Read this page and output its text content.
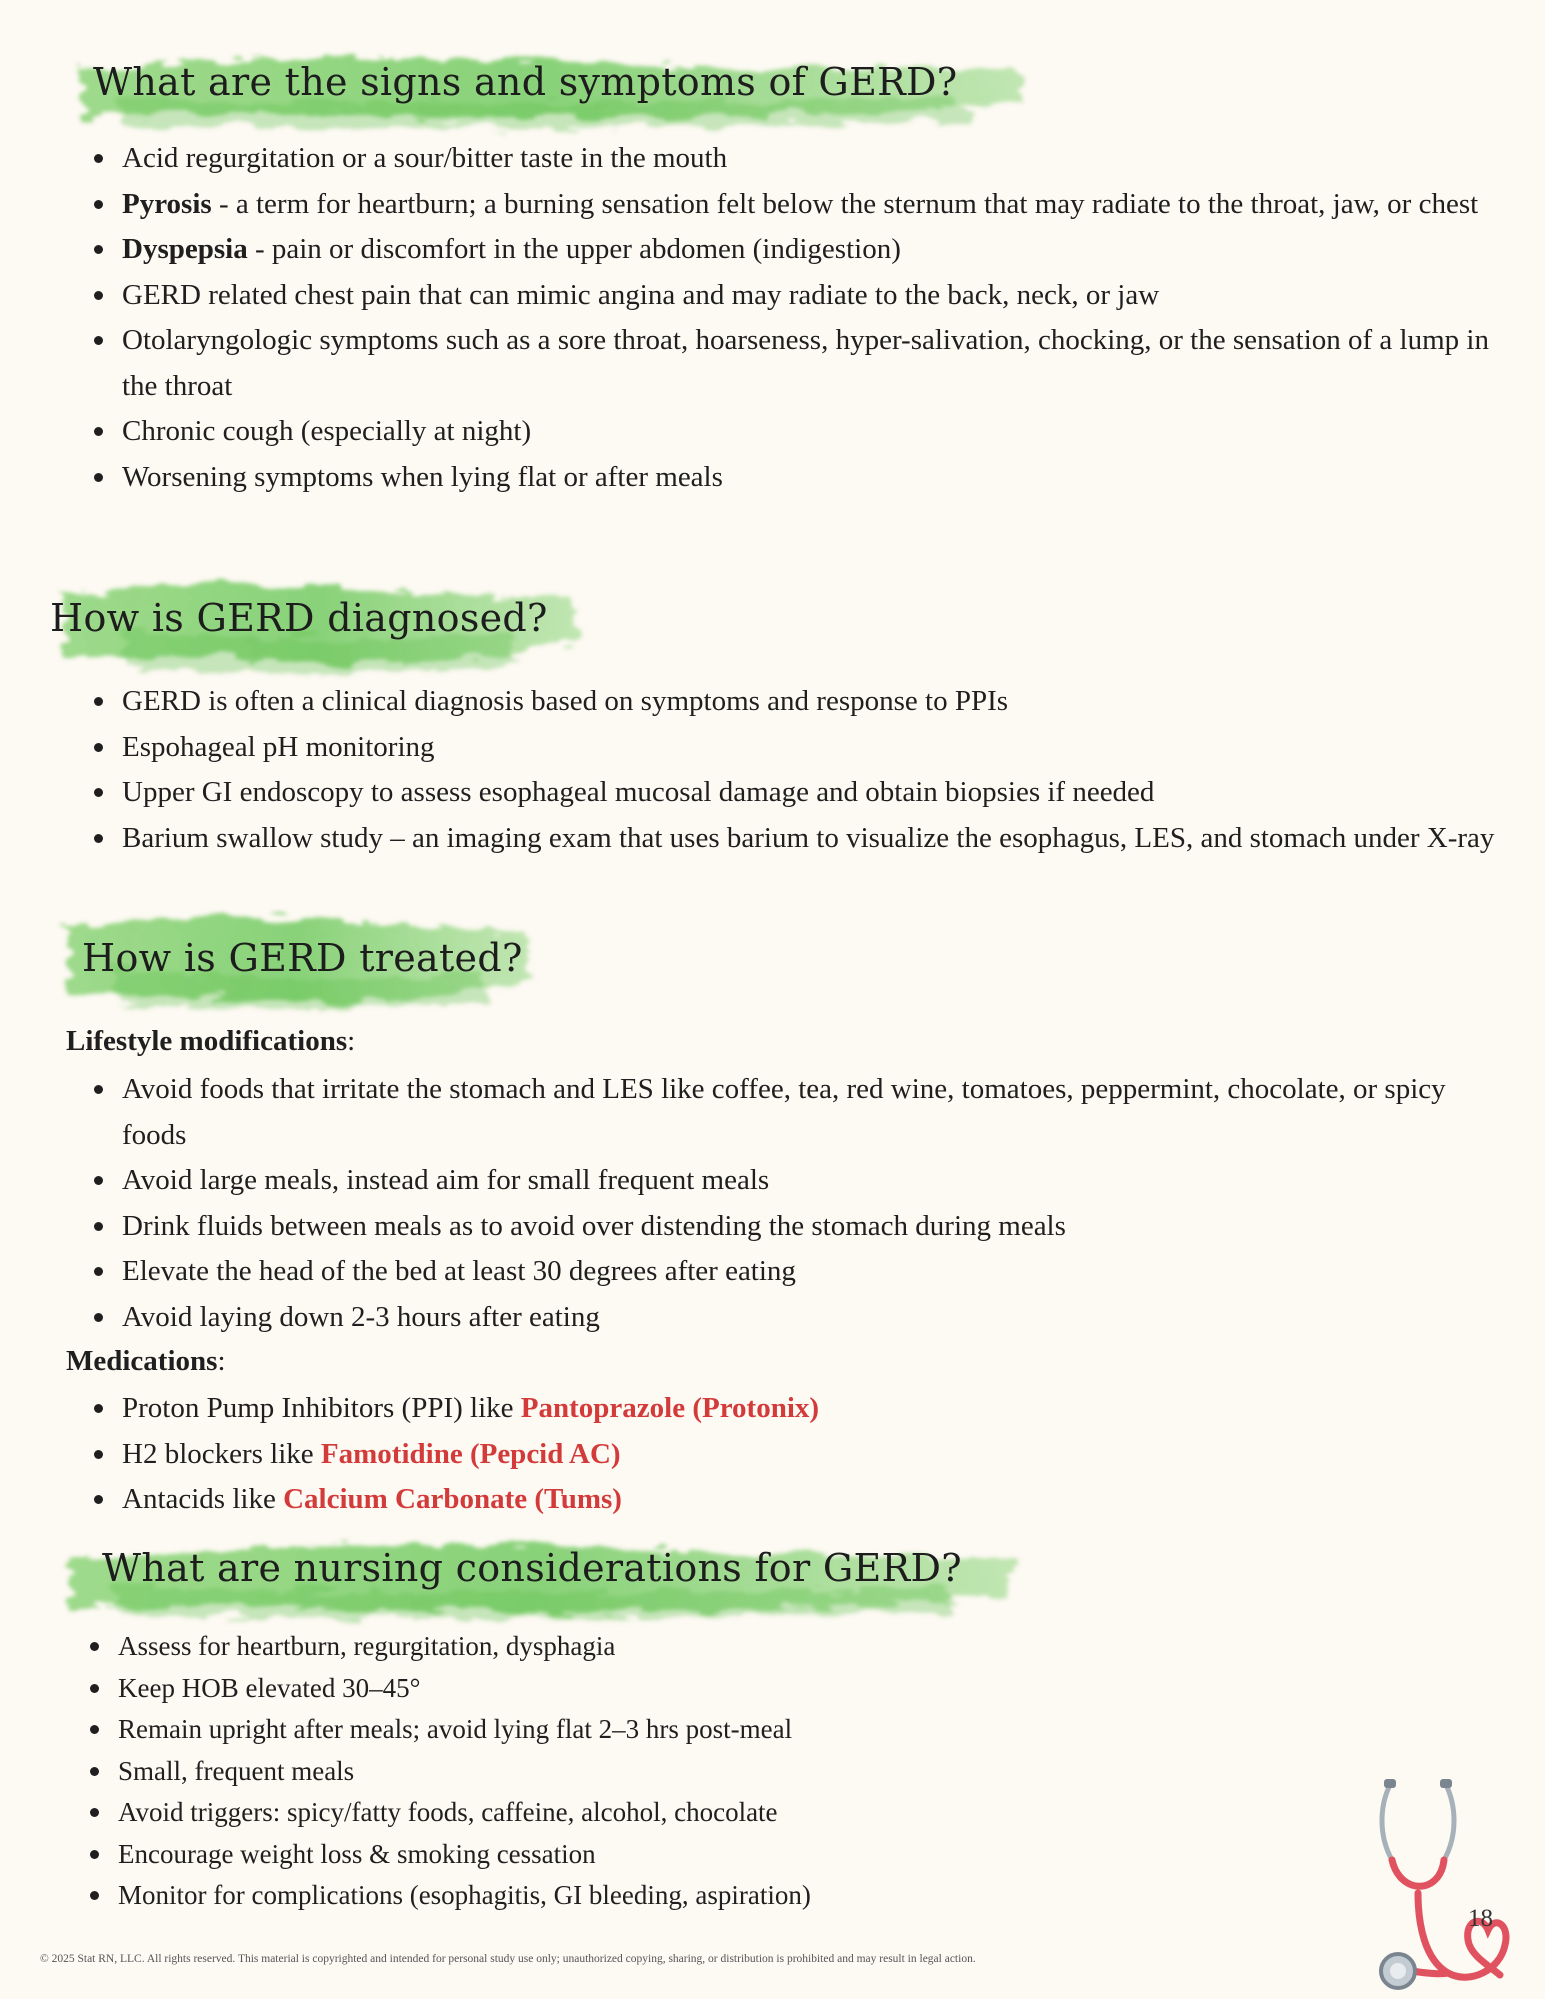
What are the signs and symptoms of GERD?
Acid regurgitation or a sour/bitter taste in the mouth
Pyrosis - a term for heartburn; a burning sensation felt below the sternum that may radiate to the throat, jaw, or chest
Dyspepsia - pain or discomfort in the upper abdomen (indigestion)
GERD related chest pain that can mimic angina and may radiate to the back, neck, or jaw
Otolaryngologic symptoms such as a sore throat, hoarseness, hyper-salivation, chocking, or the sensation of a lump in the throat
Chronic cough (especially at night)
Worsening symptoms when lying flat or after meals
How is GERD diagnosed?
GERD is often a clinical diagnosis based on symptoms and response to PPIs
Espohageal pH monitoring
Upper GI endoscopy to assess esophageal mucosal damage and obtain biopsies if needed
Barium swallow study – an imaging exam that uses barium to visualize the esophagus, LES, and stomach under X-ray
How is GERD treated?
Lifestyle modifications:
Avoid foods that irritate the stomach and LES like coffee, tea, red wine, tomatoes, peppermint, chocolate, or spicy foods
Avoid large meals, instead aim for small frequent meals
Drink fluids between meals as to avoid over distending the stomach during meals
Elevate the head of the bed at least 30 degrees after eating
Avoid laying down 2-3 hours after eating
Medications:
Proton Pump Inhibitors (PPI) like Pantoprazole (Protonix)
H2 blockers like Famotidine (Pepcid AC)
Antacids like Calcium Carbonate (Tums)
What are nursing considerations for GERD?
Assess for heartburn, regurgitation, dysphagia
Keep HOB elevated 30–45°
Remain upright after meals; avoid lying flat 2–3 hrs post-meal
Small, frequent meals
Avoid triggers: spicy/fatty foods, caffeine, alcohol, chocolate
Encourage weight loss & smoking cessation
Monitor for complications (esophagitis, GI bleeding, aspiration)
18
© 2025 Stat RN, LLC. All rights reserved. This material is copyrighted and intended for personal study use only; unauthorized copying, sharing, or distribution is prohibited and may result in legal action.
